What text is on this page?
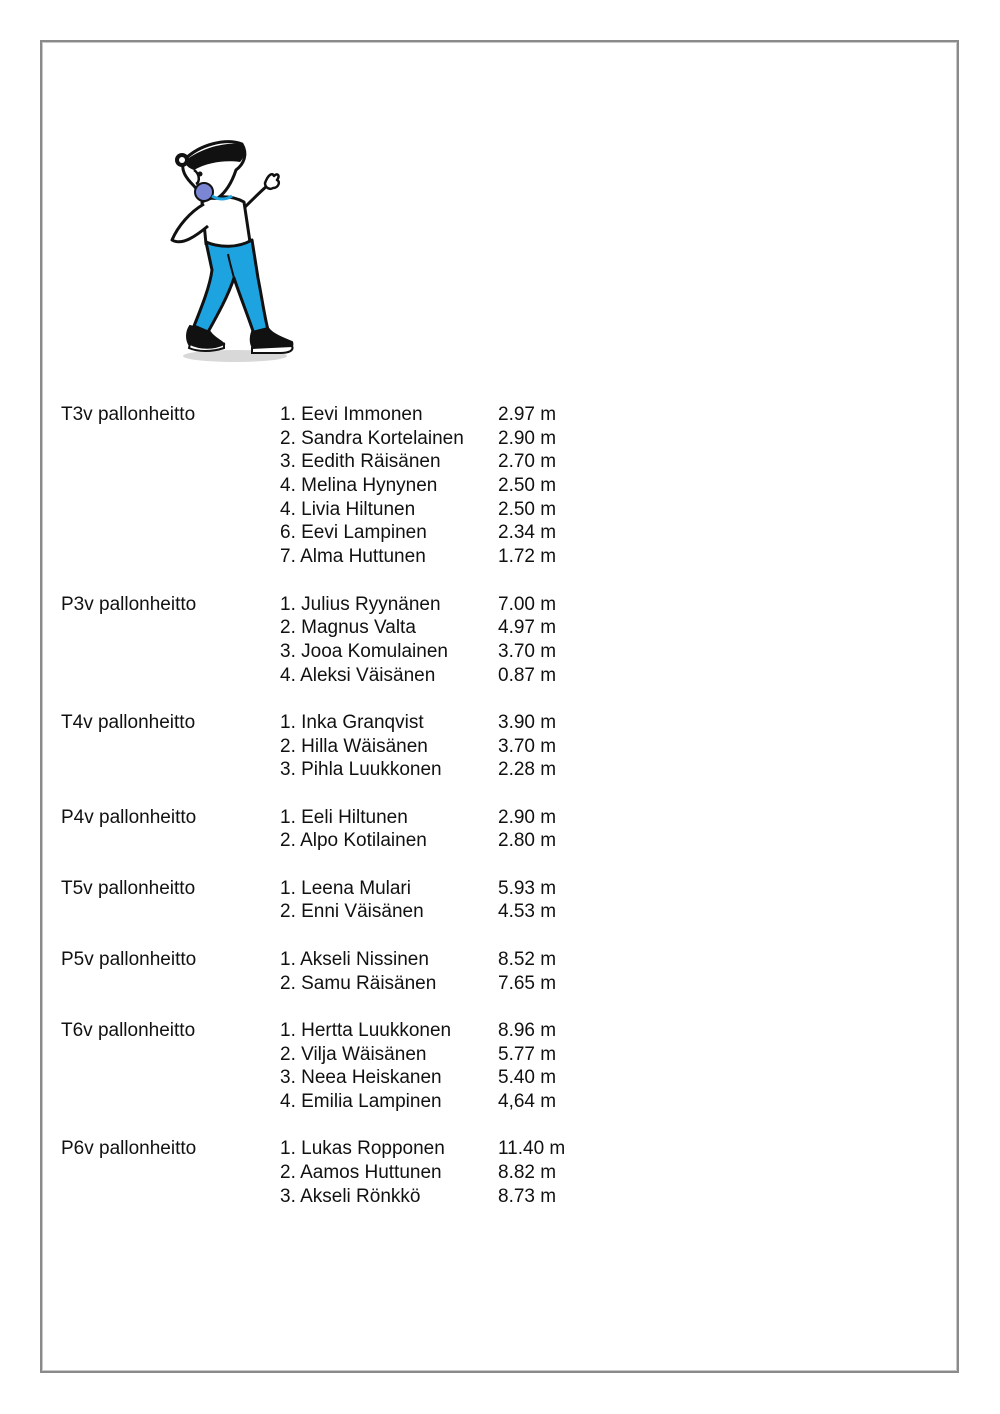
T3v pallonheitto	1. Eevi Immonen	2.97 m
2. Sandra Kortelainen 2.90 m
3. Eedith Räisänen	2.70 m
4. Melina Hynynen	2.50 m
4. Livia Hiltunen	2.50 m
6. Eevi Lampinen	2.34 m
7. Alma Huttunen	1.72 m
P3v pallonheitto	1. Julius Ryynänen	7.00 m
2. Magnus Valta	4.97 m
3. Jooa Komulainen	3.70 m
4. Aleksi Väisänen	0.87 m
T4v pallonheitto	1. Inka Granqvist	3.90 m
2. Hilla Wäisänen	3.70 m
3. Pihla Luukkonen	2.28 m
P4v pallonheitto	1. Eeli Hiltunen	2.90 m
2. Alpo Kotilainen	2.80 m
T5v pallonheitto	1. Leena Mulari	5.93 m
2. Enni Väisänen	4.53 m
P5v pallonheitto	1. Akseli Nissinen	8.52 m
2. Samu Räisänen	7.65 m
T6v pallonheitto	1. Hertta Luukkonen 8.96 m
2. Vilja Wäisänen	5.77 m
3. Neea Heiskanen	5.40 m
4. Emilia Lampinen	4,64 m
P6v pallonheitto	1. Lukas Ropponen	11.40 m
2. Aamos Huttunen	8.82 m
3. Akseli Rönkkö	8.73 m
